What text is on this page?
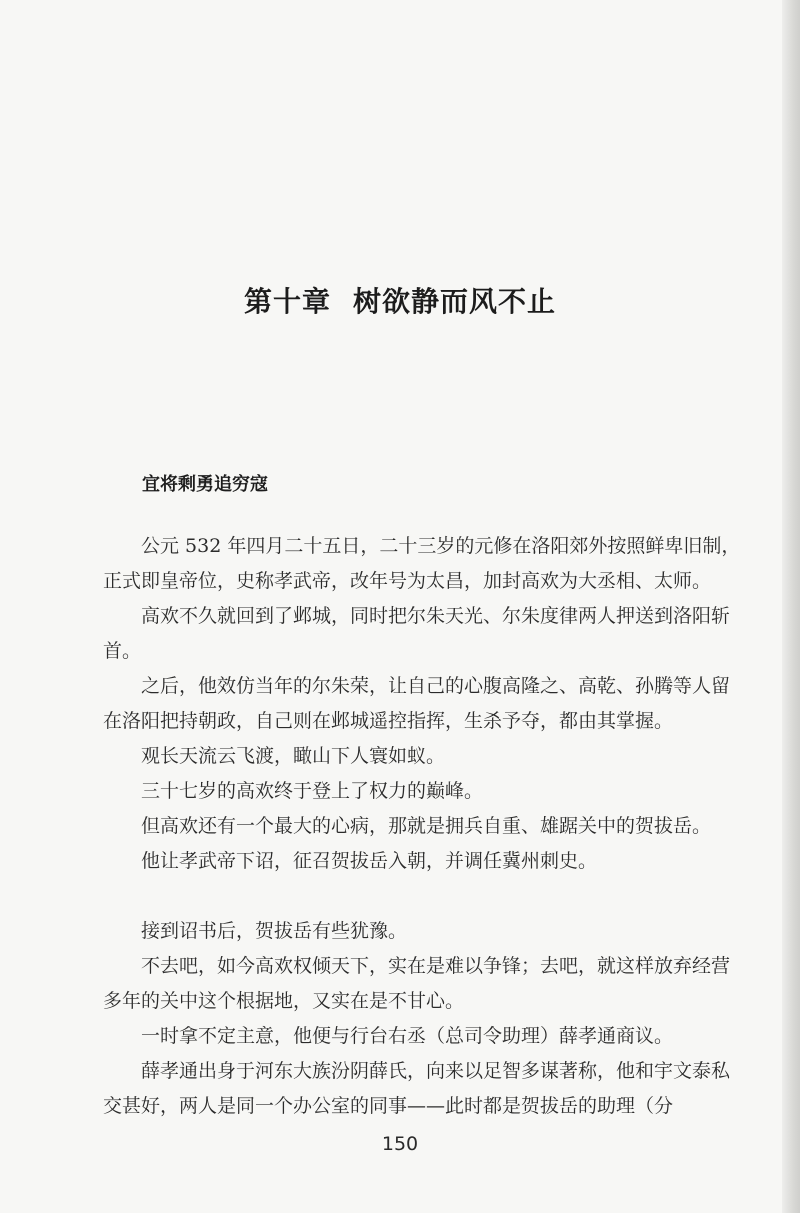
第十章 树欲静而风不止
宜将剩勇追穷寇

公元 532 年四月二十五日，二十三岁的元修在洛阳郊外按照鲜卑旧制，正式即皇帝位，史称孝武帝，改年号为太昌，加封高欢为大丞相、太师。

高欢不久就回到了邺城，同时把尔朱天光、尔朱度律两人押送到洛阳斩首。

之后，他效仿当年的尔朱荣，让自己的心腹高隆之、高乾、孙腾等人留在洛阳把持朝政，自己则在邺城遥控指挥，生杀予夺，都由其掌握。

观长天流云飞渡，瞰山下人寰如蚁。

三十七岁的高欢终于登上了权力的巅峰。

但高欢还有一个最大的心病，那就是拥兵自重、雄踞关中的贺拔岳。

他让孝武帝下诏，征召贺拔岳入朝，并调任冀州刺史。

接到诏书后，贺拔岳有些犹豫。

不去吧，如今高欢权倾天下，实在是难以争锋；去吧，就这样放弃经营多年的关中这个根据地，又实在是不甘心。

一时拿不定主意，他便与行台右丞（总司令助理）薛孝通商议。

薛孝通出身于河东大族汾阴薛氏，向来以足智多谋著称，他和宇文泰私交甚好，两人是同一个办公室的同事——此时都是贺拔岳的助理（分

150
